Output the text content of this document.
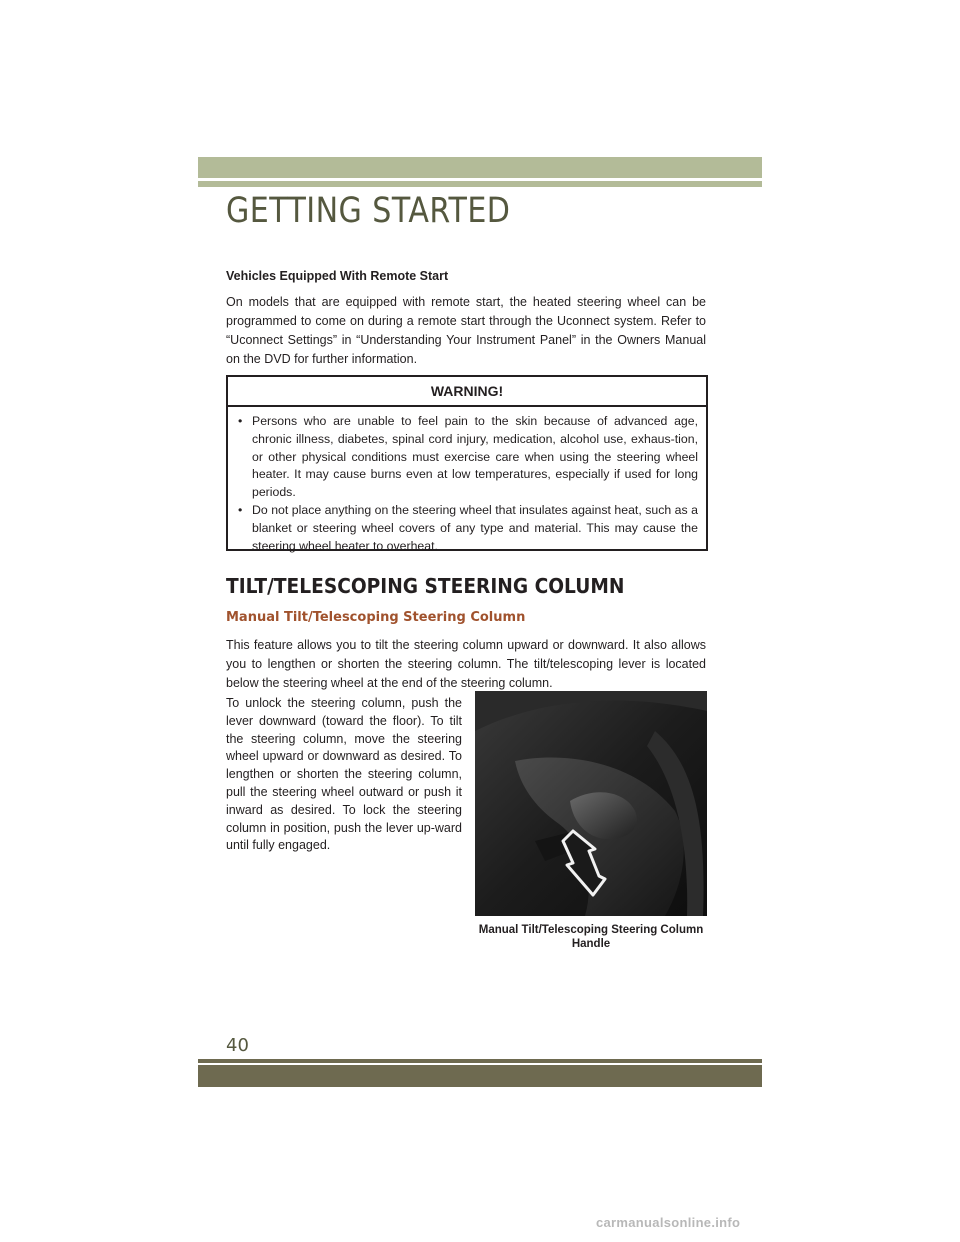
GETTING STARTED
Vehicles Equipped With Remote Start
On models that are equipped with remote start, the heated steering wheel can be programmed to come on during a remote start through the Uconnect system. Refer to “Uconnect Settings” in “Understanding Your Instrument Panel” in the Owners Manual on the DVD for further information.
WARNING!
• Persons who are unable to feel pain to the skin because of advanced age, chronic illness, diabetes, spinal cord injury, medication, alcohol use, exhaus-tion, or other physical conditions must exercise care when using the steering wheel heater. It may cause burns even at low temperatures, especially if used for long periods.
• Do not place anything on the steering wheel that insulates against heat, such as a blanket or steering wheel covers of any type and material. This may cause the steering wheel heater to overheat.
TILT/TELESCOPING STEERING COLUMN
Manual Tilt/Telescoping Steering Column
This feature allows you to tilt the steering column upward or downward. It also allows you to lengthen or shorten the steering column. The tilt/telescoping lever is located below the steering wheel at the end of the steering column.
To unlock the steering column, push the lever downward (toward the floor). To tilt the steering column, move the steering wheel upward or downward as desired. To lengthen or shorten the steering column, pull the steering wheel outward or push it inward as desired. To lock the steering column in position, push the lever up-ward until fully engaged.
Manual Tilt/Telescoping Steering Column Handle
40
carmanualsonline.info
